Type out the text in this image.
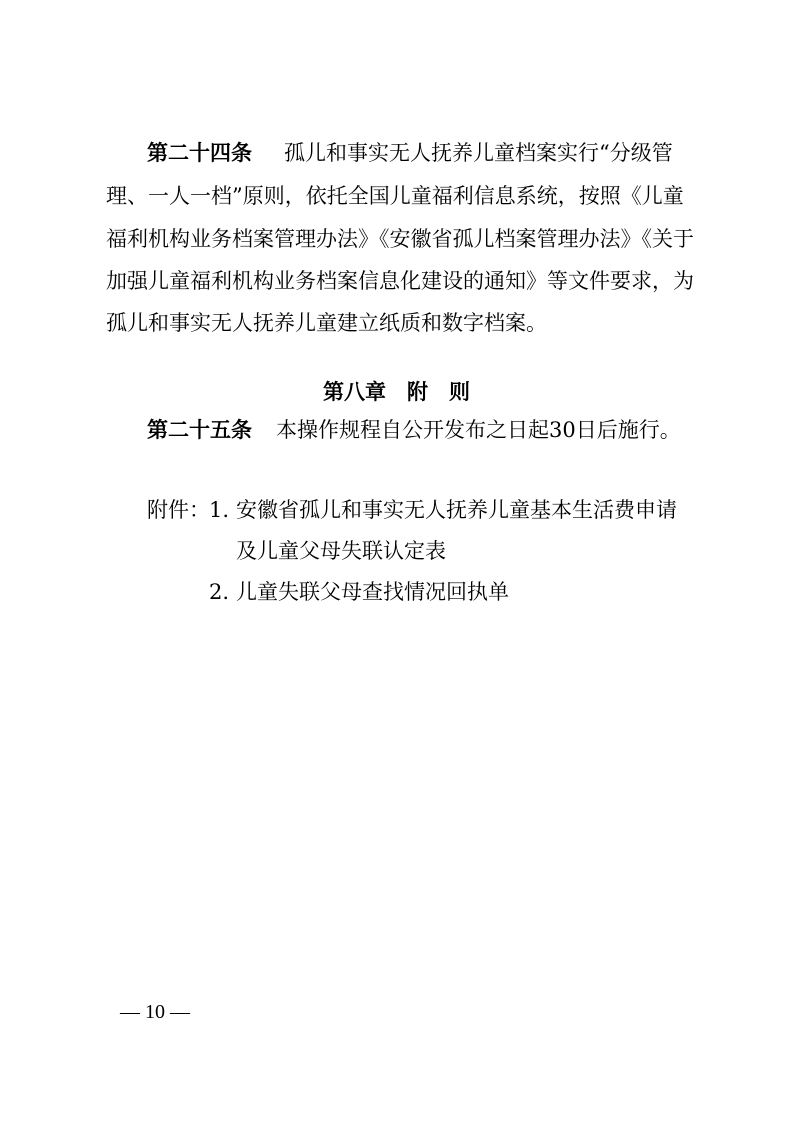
第二十四条 孤儿和事实无人抚养儿童档案实行“分级管
理、一人一档”原则，依托全国儿童福利信息系统，按照《儿童
福利机构业务档案管理办法》《安徽省孤儿档案管理办法》《关于
加强儿童福利机构业务档案信息化建设的通知》等文件要求，为
孤儿和事实无人抚养儿童建立纸质和数字档案。
第八章　附　则
第二十五条 本操作规程自公开发布之日起30日后施行。
附件： 1. 安徽省孤儿和事实无人抚养儿童基本生活费申请
及儿童父母失联认定表
2. 儿童失联父母查找情况回执单
— 10 —
